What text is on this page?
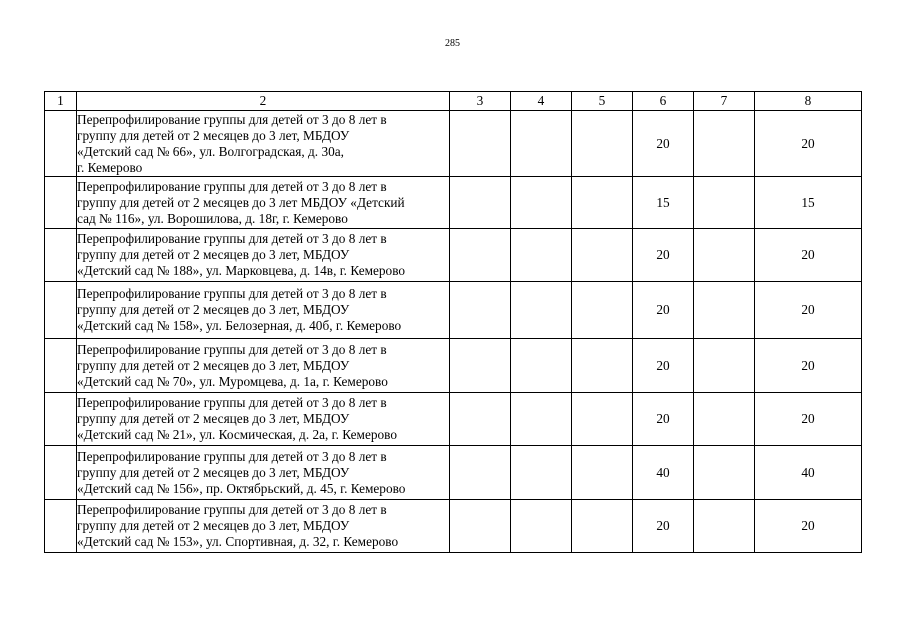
285
1	2	3	4	5	6	7	8
	Перепрофилирование группы для детей от 3 до 8 лет в
группу для детей от 2 месяцев до 3 лет, МБДОУ
«Детский сад № 66», ул. Волгоградская, д. 30а,
г. Кемерово				20		20
	Перепрофилирование группы для детей от 3 до 8 лет в
группу для детей от 2 месяцев до 3 лет МБДОУ «Детский
сад № 116», ул. Ворошилова, д. 18г, г. Кемерово				15		15
	Перепрофилирование группы для детей от 3 до 8 лет в
группу для детей от 2 месяцев до 3 лет, МБДОУ
«Детский сад № 188», ул. Марковцева, д. 14в, г. Кемерово				20		20
	Перепрофилирование группы для детей от 3 до 8 лет в
группу для детей от 2 месяцев до 3 лет, МБДОУ
«Детский сад № 158», ул. Белозерная, д. 40б, г. Кемерово				20		20
	Перепрофилирование группы для детей от 3 до 8 лет в
группу для детей от 2 месяцев до 3 лет, МБДОУ
«Детский сад № 70», ул. Муромцева, д. 1а, г. Кемерово				20		20
	Перепрофилирование группы для детей от 3 до 8 лет в
группу для детей от 2 месяцев до 3 лет, МБДОУ
«Детский сад № 21», ул. Космическая, д. 2а, г. Кемерово				20		20
	Перепрофилирование группы для детей от 3 до 8 лет в
группу для детей от 2 месяцев до 3 лет, МБДОУ
«Детский сад № 156», пр. Октябрьский, д. 45, г. Кемерово				40		40
	Перепрофилирование группы для детей от 3 до 8 лет в
группу для детей от 2 месяцев до 3 лет, МБДОУ
«Детский сад № 153», ул. Спортивная, д. 32, г. Кемерово				20		20
